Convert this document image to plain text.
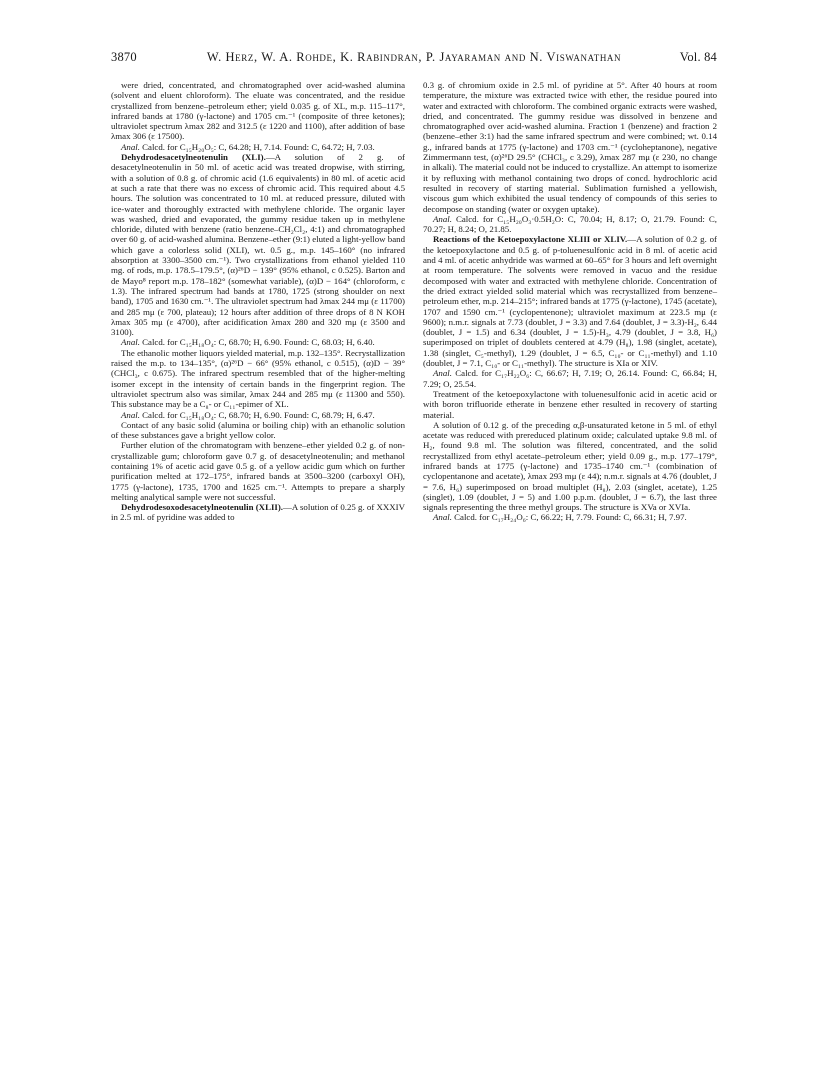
3870	W. Herz, W. A. Rohde, K. Rabindran, P. Jayaraman and N. Viswanathan	Vol. 84

were dried, concentrated, and chromatographed over acid-washed alumina (solvent and eluent chloroform). The eluate was concentrated, and the residue crystallized from benzene–petroleum ether; yield 0.035 g. of XL, m.p. 115–117°, infrared bands at 1780 (γ-lactone) and 1705 cm.⁻¹ (composite of three ketones); ultraviolet spectrum λmax 282 and 312.5 (ε 1220 and 1100), after addition of base λmax 306 (ε 17500).

Anal. Calcd. for C₁₅H₂₀O₅: C, 64.28; H, 7.14. Found: C, 64.72; H, 7.03.

Dehydrodesacetylneotenulin (XLI).—A solution of 2 g. of desacetylneotenulin in 50 ml. of acetic acid was treated dropwise, with stirring, with a solution of 0.8 g. of chromic acid (1.6 equivalents) in 80 ml. of acetic acid at such a rate that there was no excess of chromic acid. This required about 4.5 hours. The solution was concentrated to 10 ml. at reduced pressure, diluted with ice-water and thoroughly extracted with methylene chloride. The organic layer was washed, dried and evaporated, the gummy residue taken up in methylene chloride, diluted with benzene (ratio benzene–CH₂Cl₂, 4:1) and chromatographed over 60 g. of acid-washed alumina. Benzene–ether (9:1) eluted a light-yellow band which gave a colorless solid (XLI), wt. 0.5 g., m.p. 145–160° (no infrared absorption at 3300–3500 cm.⁻¹). Two crystallizations from ethanol yielded 110 mg. of rods, m.p. 178.5–179.5°, (α)²⁶D − 139° (95% ethanol, c 0.525). Barton and de Mayo⁸ report m.p. 178–182° (somewhat variable), (α)D − 164° (chloroform, c 1.3). The infrared spectrum had bands at 1780, 1725 (strong shoulder on next band), 1705 and 1630 cm.⁻¹. The ultraviolet spectrum had λmax 244 mμ (ε 11700) and 285 mμ (ε 700, plateau); 12 hours after addition of three drops of 8 N KOH λmax 305 mμ (ε 4700), after acidification λmax 280 and 320 mμ (ε 3500 and 3100).

Anal. Calcd. for C₁₅H₁₈O₄: C, 68.70; H, 6.90. Found: C, 68.03; H, 6.40.

The ethanolic mother liquors yielded material, m.p. 132–135°. Recrystallization raised the m.p. to 134–135°, (α)²⁶D − 66° (95% ethanol, c 0.515), (α)D − 39° (CHCl₃, c 0.675). The infrared spectrum resembled that of the higher-melting isomer except in the intensity of certain bands in the fingerprint region. The ultraviolet spectrum also was similar, λmax 244 and 285 mμ (ε 11300 and 550). This substance may be a C₈- or C₁₁-epimer of XL.

Anal. Calcd. for C₁₅H₁₈O₄: C, 68.70; H, 6.90. Found: C, 68.79; H, 6.47.

Contact of any basic solid (alumina or boiling chip) with an ethanolic solution of these substances gave a bright yellow color.

Further elution of the chromatogram with benzene–ether yielded 0.2 g. of non-crystallizable gum; chloroform gave 0.7 g. of desacetylneotenulin; and methanol containing 1% of acetic acid gave 0.5 g. of a yellow acidic gum which on further purification melted at 172–175°, infrared bands at 3500–3200 (carboxyl OH), 1775 (γ-lactone), 1735, 1700 and 1625 cm.⁻¹. Attempts to prepare a sharply melting analytical sample were not successful.

Dehydrodesoxodesacetylneotenulin (XLII).—A solution of 0.25 g. of XXXIV in 2.5 ml. of pyridine was added to

0.3 g. of chromium oxide in 2.5 ml. of pyridine at 5°. After 40 hours at room temperature, the mixture was extracted twice with ether, the residue poured into water and extracted with chloroform. The combined organic extracts were washed, dried, and concentrated. The gummy residue was dissolved in benzene and chromatographed over acid-washed alumina. Fraction 1 (benzene) and fraction 2 (benzene–ether 3:1) had the same infrared spectrum and were combined; wt. 0.14 g., infrared bands at 1775 (γ-lactone) and 1703 cm.⁻¹ (cycloheptanone), negative Zimmermann test, (α)²⁶D 29.5° (CHCl₃, c 3.29), λmax 287 mμ (ε 230, no change in alkali). The material could not be induced to crystallize. An attempt to isomerize it by refluxing with methanol containing two drops of concd. hydrochloric acid resulted in recovery of starting material. Sublimation furnished a yellowish, viscous gum which exhibited the usual tendency of compounds of this series to decompose on standing (water or oxygen uptake).

Anal. Calcd. for C₁₅H₂₀O₃·0.5H₂O: C, 70.04; H, 8.17; O, 21.79. Found: C, 70.27; H, 8.24; O, 21.85.

Reactions of the Ketoepoxylactone XLIII or XLIV.—A solution of 0.2 g. of the ketoepoxylactone and 0.5 g. of p-toluenesulfonic acid in 8 ml. of acetic acid and 4 ml. of acetic anhydride was warmed at 60–65° for 3 hours and left overnight at room temperature. The solvents were removed in vacuo and the residue decomposed with water and extracted with methylene chloride. Concentration of the dried extract yielded solid material which was recrystallized from benzene–petroleum ether, m.p. 214–215°; infrared bands at 1775 (γ-lactone), 1745 (acetate), 1707 and 1590 cm.⁻¹ (cyclopentenone); ultraviolet maximum at 223.5 mμ (ε 9600); n.m.r. signals at 7.73 (doublet, J = 3.3) and 7.64 (doublet, J = 3.3)-H₂, 6.44 (doublet, J = 1.5) and 6.34 (doublet, J = 1.5)-H₃, 4.79 (doublet, J = 3.8, H₆) superimposed on triplet of doublets centered at 4.79 (H₈), 1.98 (singlet, acetate), 1.38 (singlet, C₅-methyl), 1.29 (doublet, J = 6.5, C₁₀- or C₁₁-methyl) and 1.10 (doublet, J = 7.1, C₁₀- or C₁₁-methyl). The structure is XIa or XIV.

Anal. Calcd. for C₁₇H₂₂O₆: C, 66.67; H, 7.19; O, 26.14. Found: C, 66.84; H, 7.29; O, 25.54.

Treatment of the ketoepoxylactone with toluenesulfonic acid in acetic acid or with boron trifluoride etherate in benzene ether resulted in recovery of starting material.

A solution of 0.12 g. of the preceding α,β-unsaturated ketone in 5 ml. of ethyl acetate was reduced with prereduced platinum oxide; calculated uptake 9.8 ml. of H₂, found 9.8 ml. The solution was filtered, concentrated, and the solid recrystallized from ethyl acetate–petroleum ether; yield 0.09 g., m.p. 177–179°, infrared bands at 1775 (γ-lactone) and 1735–1740 cm.⁻¹ (combination of cyclopentanone and acetate), λmax 293 mμ (ε 44); n.m.r. signals at 4.76 (doublet, J = 7.6, H₆) superimposed on broad multiplet (H₈), 2.03 (singlet, acetate), 1.25 (singlet), 1.09 (doublet, J = 5) and 1.00 p.p.m. (doublet, J = 6.7), the last three signals representing the three methyl groups. The structure is XVa or XVIa.

Anal. Calcd. for C₁₇H₂₄O₆: C, 66.22; H, 7.79. Found: C, 66.31; H, 7.97.
